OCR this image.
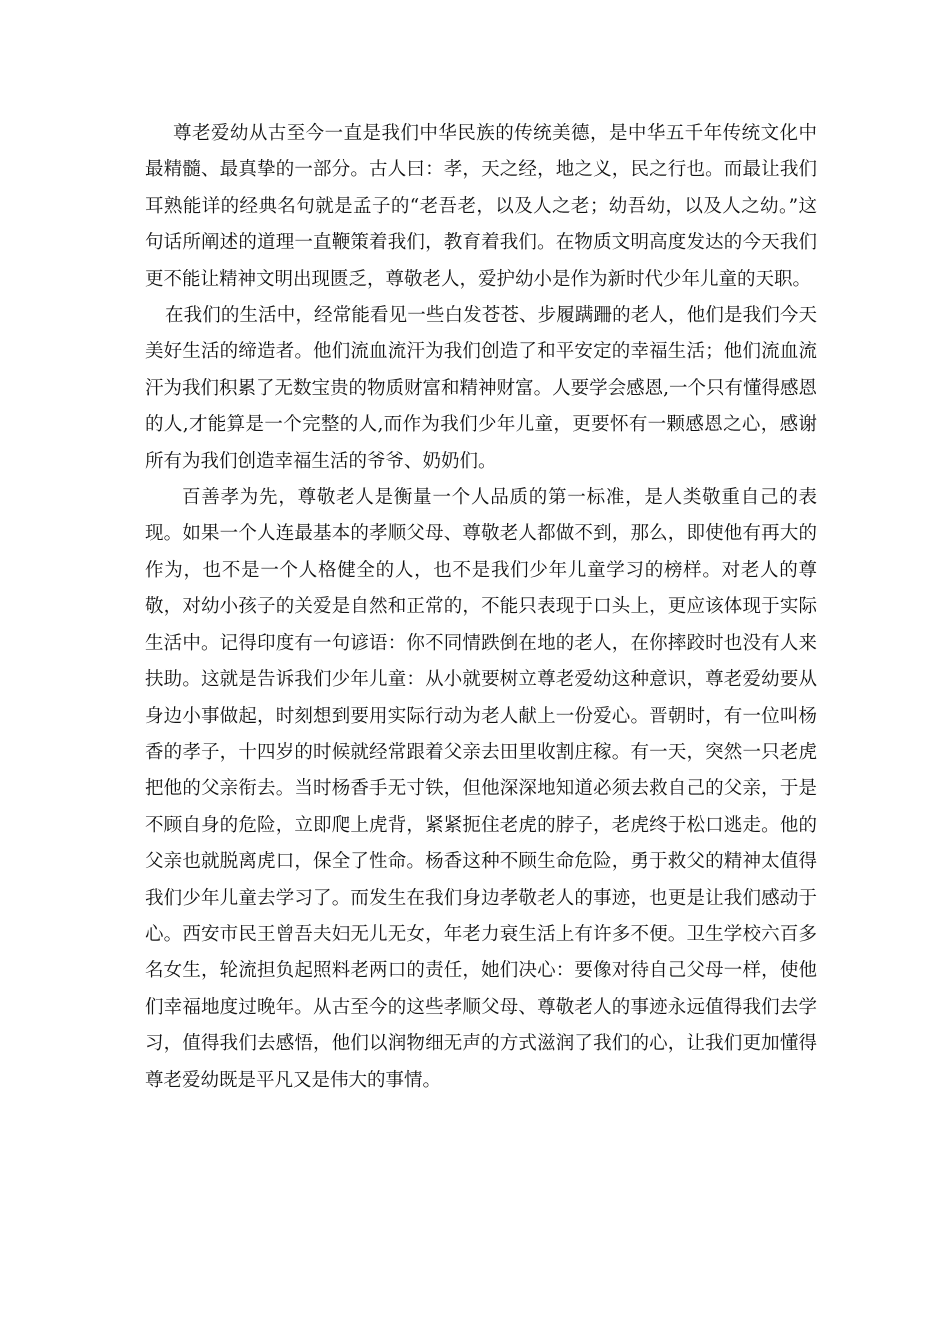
尊老爱幼从古至今一直是我们中华民族的传统美德，是中华五千年传统文化中最精髓、最真挚的一部分。古人曰：孝，天之经，地之义，民之行也。而最让我们耳熟能详的经典名句就是孟子的“老吾老，以及人之老；幼吾幼，以及人之幼。”这句话所阐述的道理一直鞭策着我们，教育着我们。在物质文明高度发达的今天我们更不能让精神文明出现匮乏，尊敬老人，爱护幼小是作为新时代少年儿童的天职。

在我们的生活中，经常能看见一些白发苍苍、步履蹒跚的老人，他们是我们今天美好生活的缔造者。他们流血流汗为我们创造了和平安定的幸福生活；他们流血流汗为我们积累了无数宝贵的物质财富和精神财富。人要学会感恩,一个只有懂得感恩的人,才能算是一个完整的人,而作为我们少年儿童，更要怀有一颗感恩之心，感谢所有为我们创造幸福生活的爷爷、奶奶们。

百善孝为先，尊敬老人是衡量一个人品质的第一标准，是人类敬重自己的表现。如果一个人连最基本的孝顺父母、尊敬老人都做不到，那么，即使他有再大的作为，也不是一个人格健全的人，也不是我们少年儿童学习的榜样。对老人的尊敬，对幼小孩子的关爱是自然和正常的，不能只表现于口头上，更应该体现于实际生活中。记得印度有一句谚语：你不同情跌倒在地的老人，在你摔跤时也没有人来扶助。这就是告诉我们少年儿童：从小就要树立尊老爱幼这种意识，尊老爱幼要从身边小事做起，时刻想到要用实际行动为老人献上一份爱心。晋朝时，有一位叫杨香的孝子，十四岁的时候就经常跟着父亲去田里收割庄稼。有一天，突然一只老虎把他的父亲衔去。当时杨香手无寸铁，但他深深地知道必须去救自己的父亲，于是不顾自身的危险，立即爬上虎背，紧紧扼住老虎的脖子，老虎终于松口逃走。他的父亲也就脱离虎口，保全了性命。杨香这种不顾生命危险，勇于救父的精神太值得我们少年儿童去学习了。而发生在我们身边孝敬老人的事迹，也更是让我们感动于心。西安市民王曾吾夫妇无儿无女，年老力衰生活上有许多不便。卫生学校六百多名女生，轮流担负起照料老两口的责任，她们决心：要像对待自己父母一样，使他们幸福地度过晚年。从古至今的这些孝顺父母、尊敬老人的事迹永远值得我们去学习，值得我们去感悟，他们以润物细无声的方式滋润了我们的心，让我们更加懂得尊老爱幼既是平凡又是伟大的事情。
